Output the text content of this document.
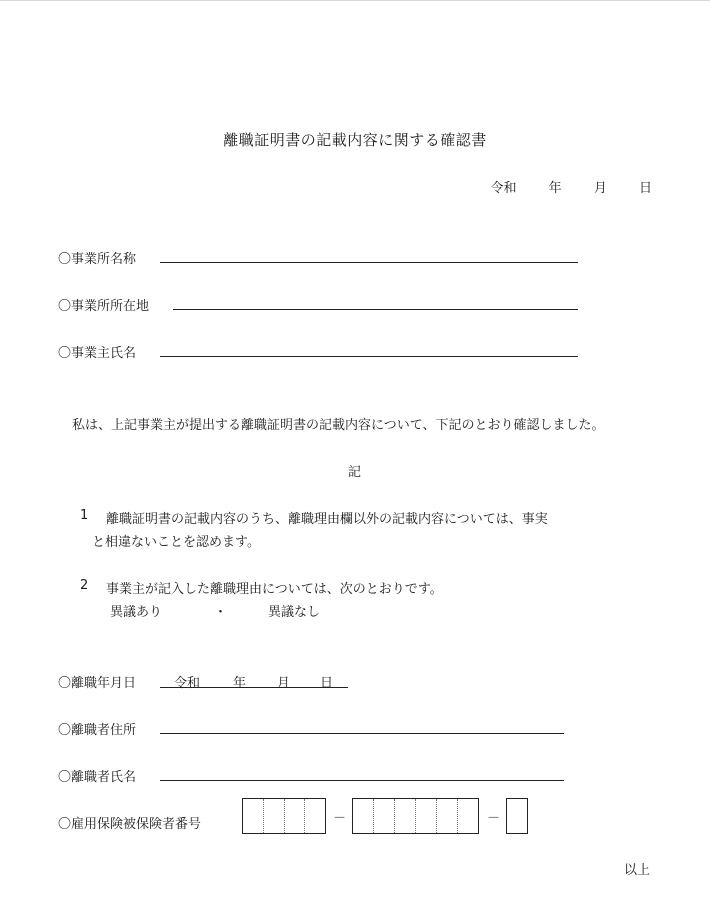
離職証明書の記載内容に関する確認書
令和 年 月 日
〇事業所名称
〇事業所所在地
〇事業主氏名
私は、上記事業主が提出する離職証明書の記載内容について、下記のとおり確認しました。
記
1 離職証明書の記載内容のうち、離職理由欄以外の記載内容については、事実
と相違ないことを認めます。
2 事業主が記入した離職理由については、次のとおりです。
異議あり	・	異議なし
〇離職年月日	令和	年 月 日
〇離職者住所
〇離職者氏名
〇雇用保険被保険者番号	－	－
以上
